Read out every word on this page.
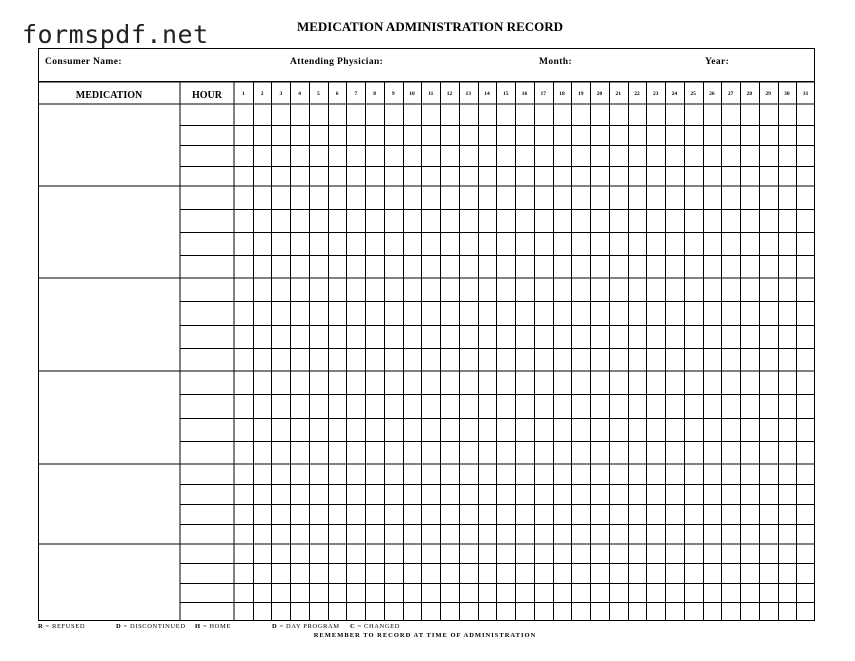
formspdf.net	MEDICATION ADMINISTRATION RECORD
Consumer Name:	Attending Physician:	Month:	Year:
MEDICATION	HOUR	1	2	3	4	5	6	7	8	9	10 11 12 13 14 15 16 17 18 19 20 21 22 23 24 25 26 27 28 29 30 31
R = REFUSED	D = DISCONTINUED H = HOME	D = DAY PROGRAM C = CHANGED
REMEMBER TO RECORD AT TIME OF ADMINISTRATION
